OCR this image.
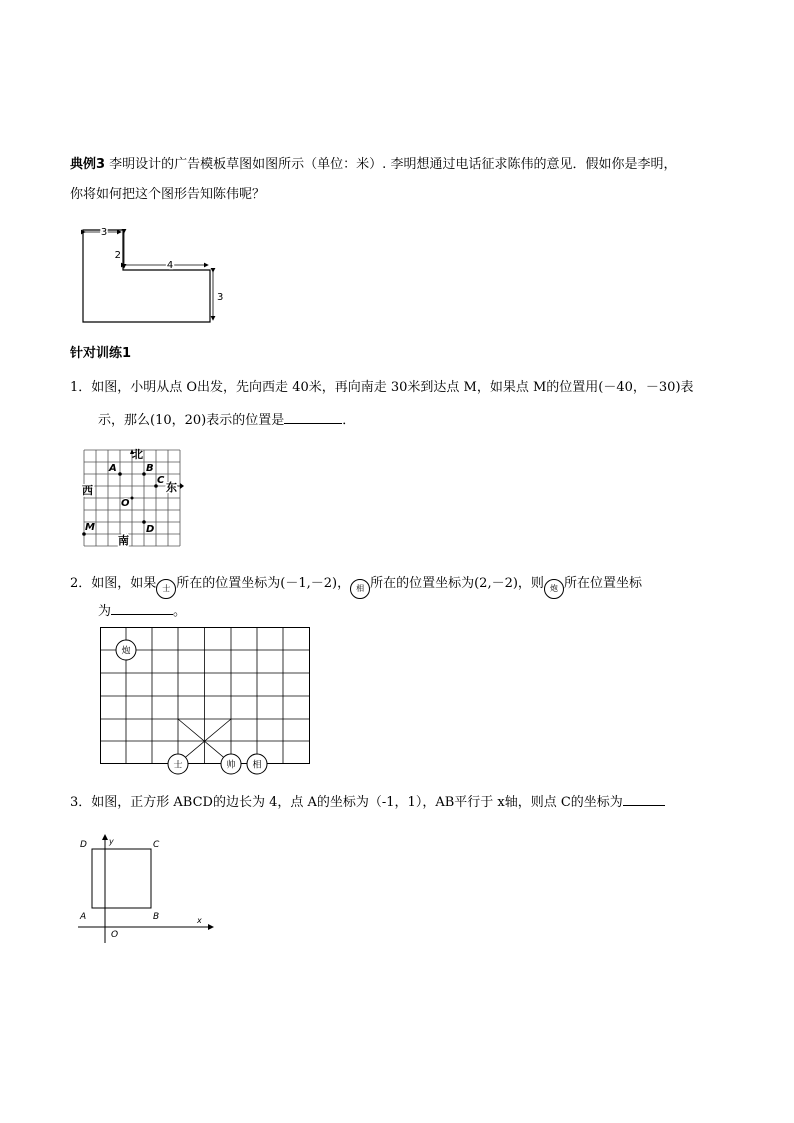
典例3 李明设计的广告模板草图如图所示（单位：米）. 李明想通过电话征求陈伟的意见．假如你是李明，
你将如何把这个图形告知陈伟呢？
3
2
4
3
针对训练1
1．如图，小明从点 O出发，先向西走 40米，再向南走 30米到达点 M，如果点 M的位置用(－40，－30)表
示，那么(10，20)表示的位置是	．
北
西	东
南
A	B
C
O
D
M
2．如图，如果 士 所在的位置坐标为(－1,－2)， 相 所在的位置坐标为(2,－2)，则 炮 所在位置坐标
为	。
炮
士	帅 相
3．如图，正方形 ABCD的边长为 4，点 A的坐标为（-1，1），AB平行于 x轴，则点 C的坐标为
D	C
A	B
O
x
y
